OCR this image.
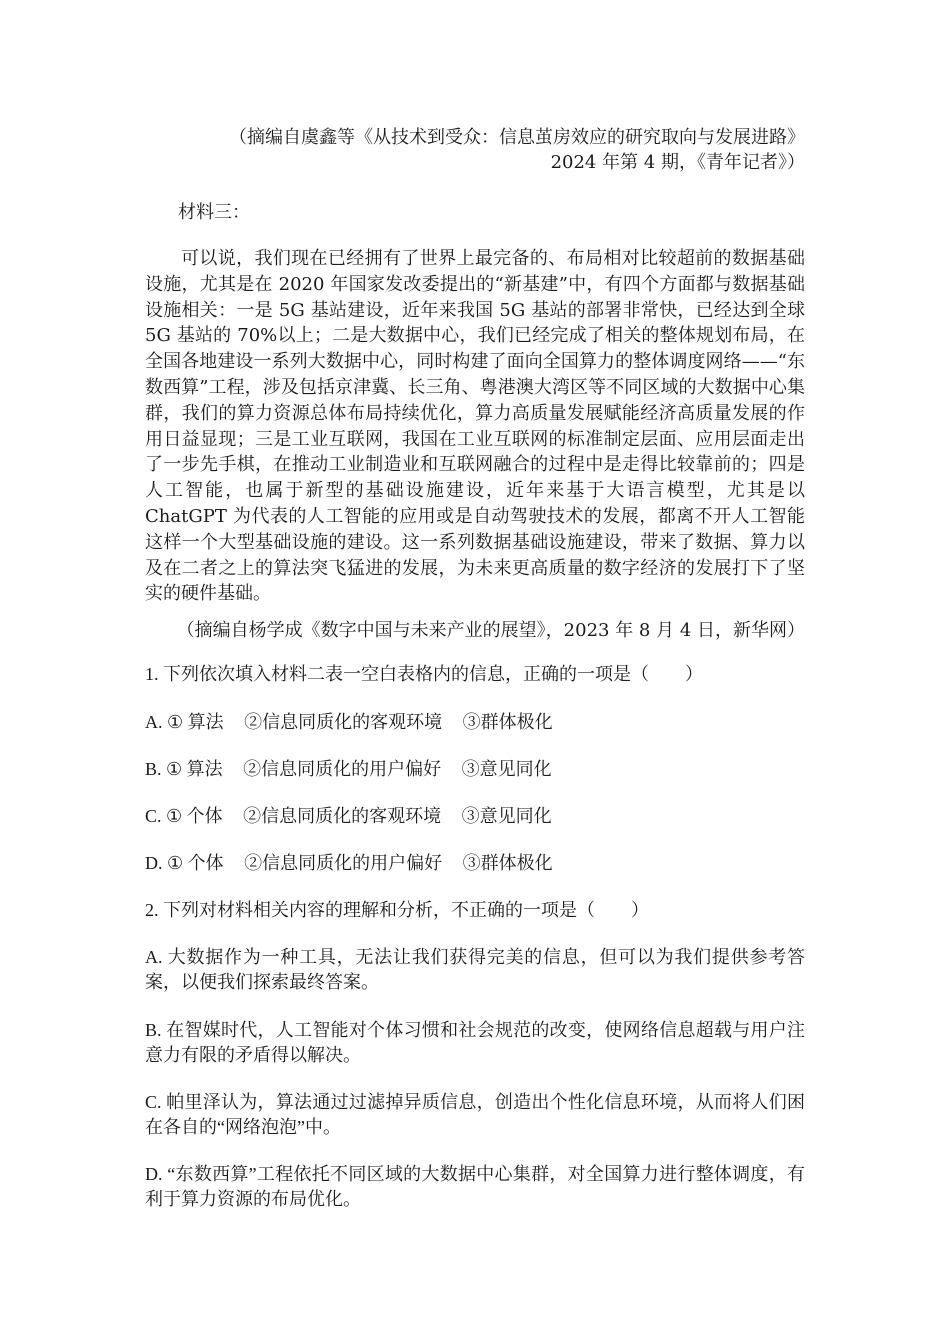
（摘编自虞鑫等《从技术到受众：信息茧房效应的研究取向与发展进路》
2024 年第 4 期，《青年记者》）
材料三：
可以说，我们现在已经拥有了世界上最完备的、布局相对比较超前的数据基础设施，尤其是在 2020 年国家发改委提出的“新基建”中，有四个方面都与数据基础设施相关：一是 5G 基站建设，近年来我国 5G 基站的部署非常快，已经达到全球 5G 基站的 70%以上；二是大数据中心，我们已经完成了相关的整体规划布局，在全国各地建设一系列大数据中心，同时构建了面向全国算力的整体调度网络——“东数西算”工程，涉及包括京津冀、长三角、粤港澳大湾区等不同区域的大数据中心集群，我们的算力资源总体布局持续优化，算力高质量发展赋能经济高质量发展的作用日益显现；三是工业互联网，我国在工业互联网的标准制定层面、应用层面走出了一步先手棋，在推动工业制造业和互联网融合的过程中是走得比较靠前的；四是人工智能，也属于新型的基础设施建设，近年来基于大语言模型，尤其是以 ChatGPT 为代表的人工智能的应用或是自动驾驶技术的发展，都离不开人工智能这样一个大型基础设施的建设。这一系列数据基础设施建设，带来了数据、算力以及在二者之上的算法突飞猛进的发展，为未来更高质量的数字经济的发展打下了坚实的硬件基础。
（摘编自杨学成《数字中国与未来产业的展望》，2023 年 8 月 4 日，新华网）
1. 下列依次填入材料二表一空白表格内的信息，正确的一项是（　　）
A. ① 算法 ②信息同质化的客观环境 ③群体极化
B. ① 算法 ②信息同质化的用户偏好 ③意见同化
C. ① 个体 ②信息同质化的客观环境 ③意见同化
D. ① 个体 ②信息同质化的用户偏好 ③群体极化
2. 下列对材料相关内容的理解和分析，不正确的一项是（　　）
A. 大数据作为一种工具，无法让我们获得完美的信息，但可以为我们提供参考答案，以便我们探索最终答案。
B. 在智媒时代，人工智能对个体习惯和社会规范的改变，使网络信息超载与用户注意力有限的矛盾得以解决。
C. 帕里泽认为，算法通过过滤掉异质信息，创造出个性化信息环境，从而将人们困在各自的“网络泡泡”中。
D. “东数西算”工程依托不同区域的大数据中心集群，对全国算力进行整体调度，有利于算力资源的布局优化。
